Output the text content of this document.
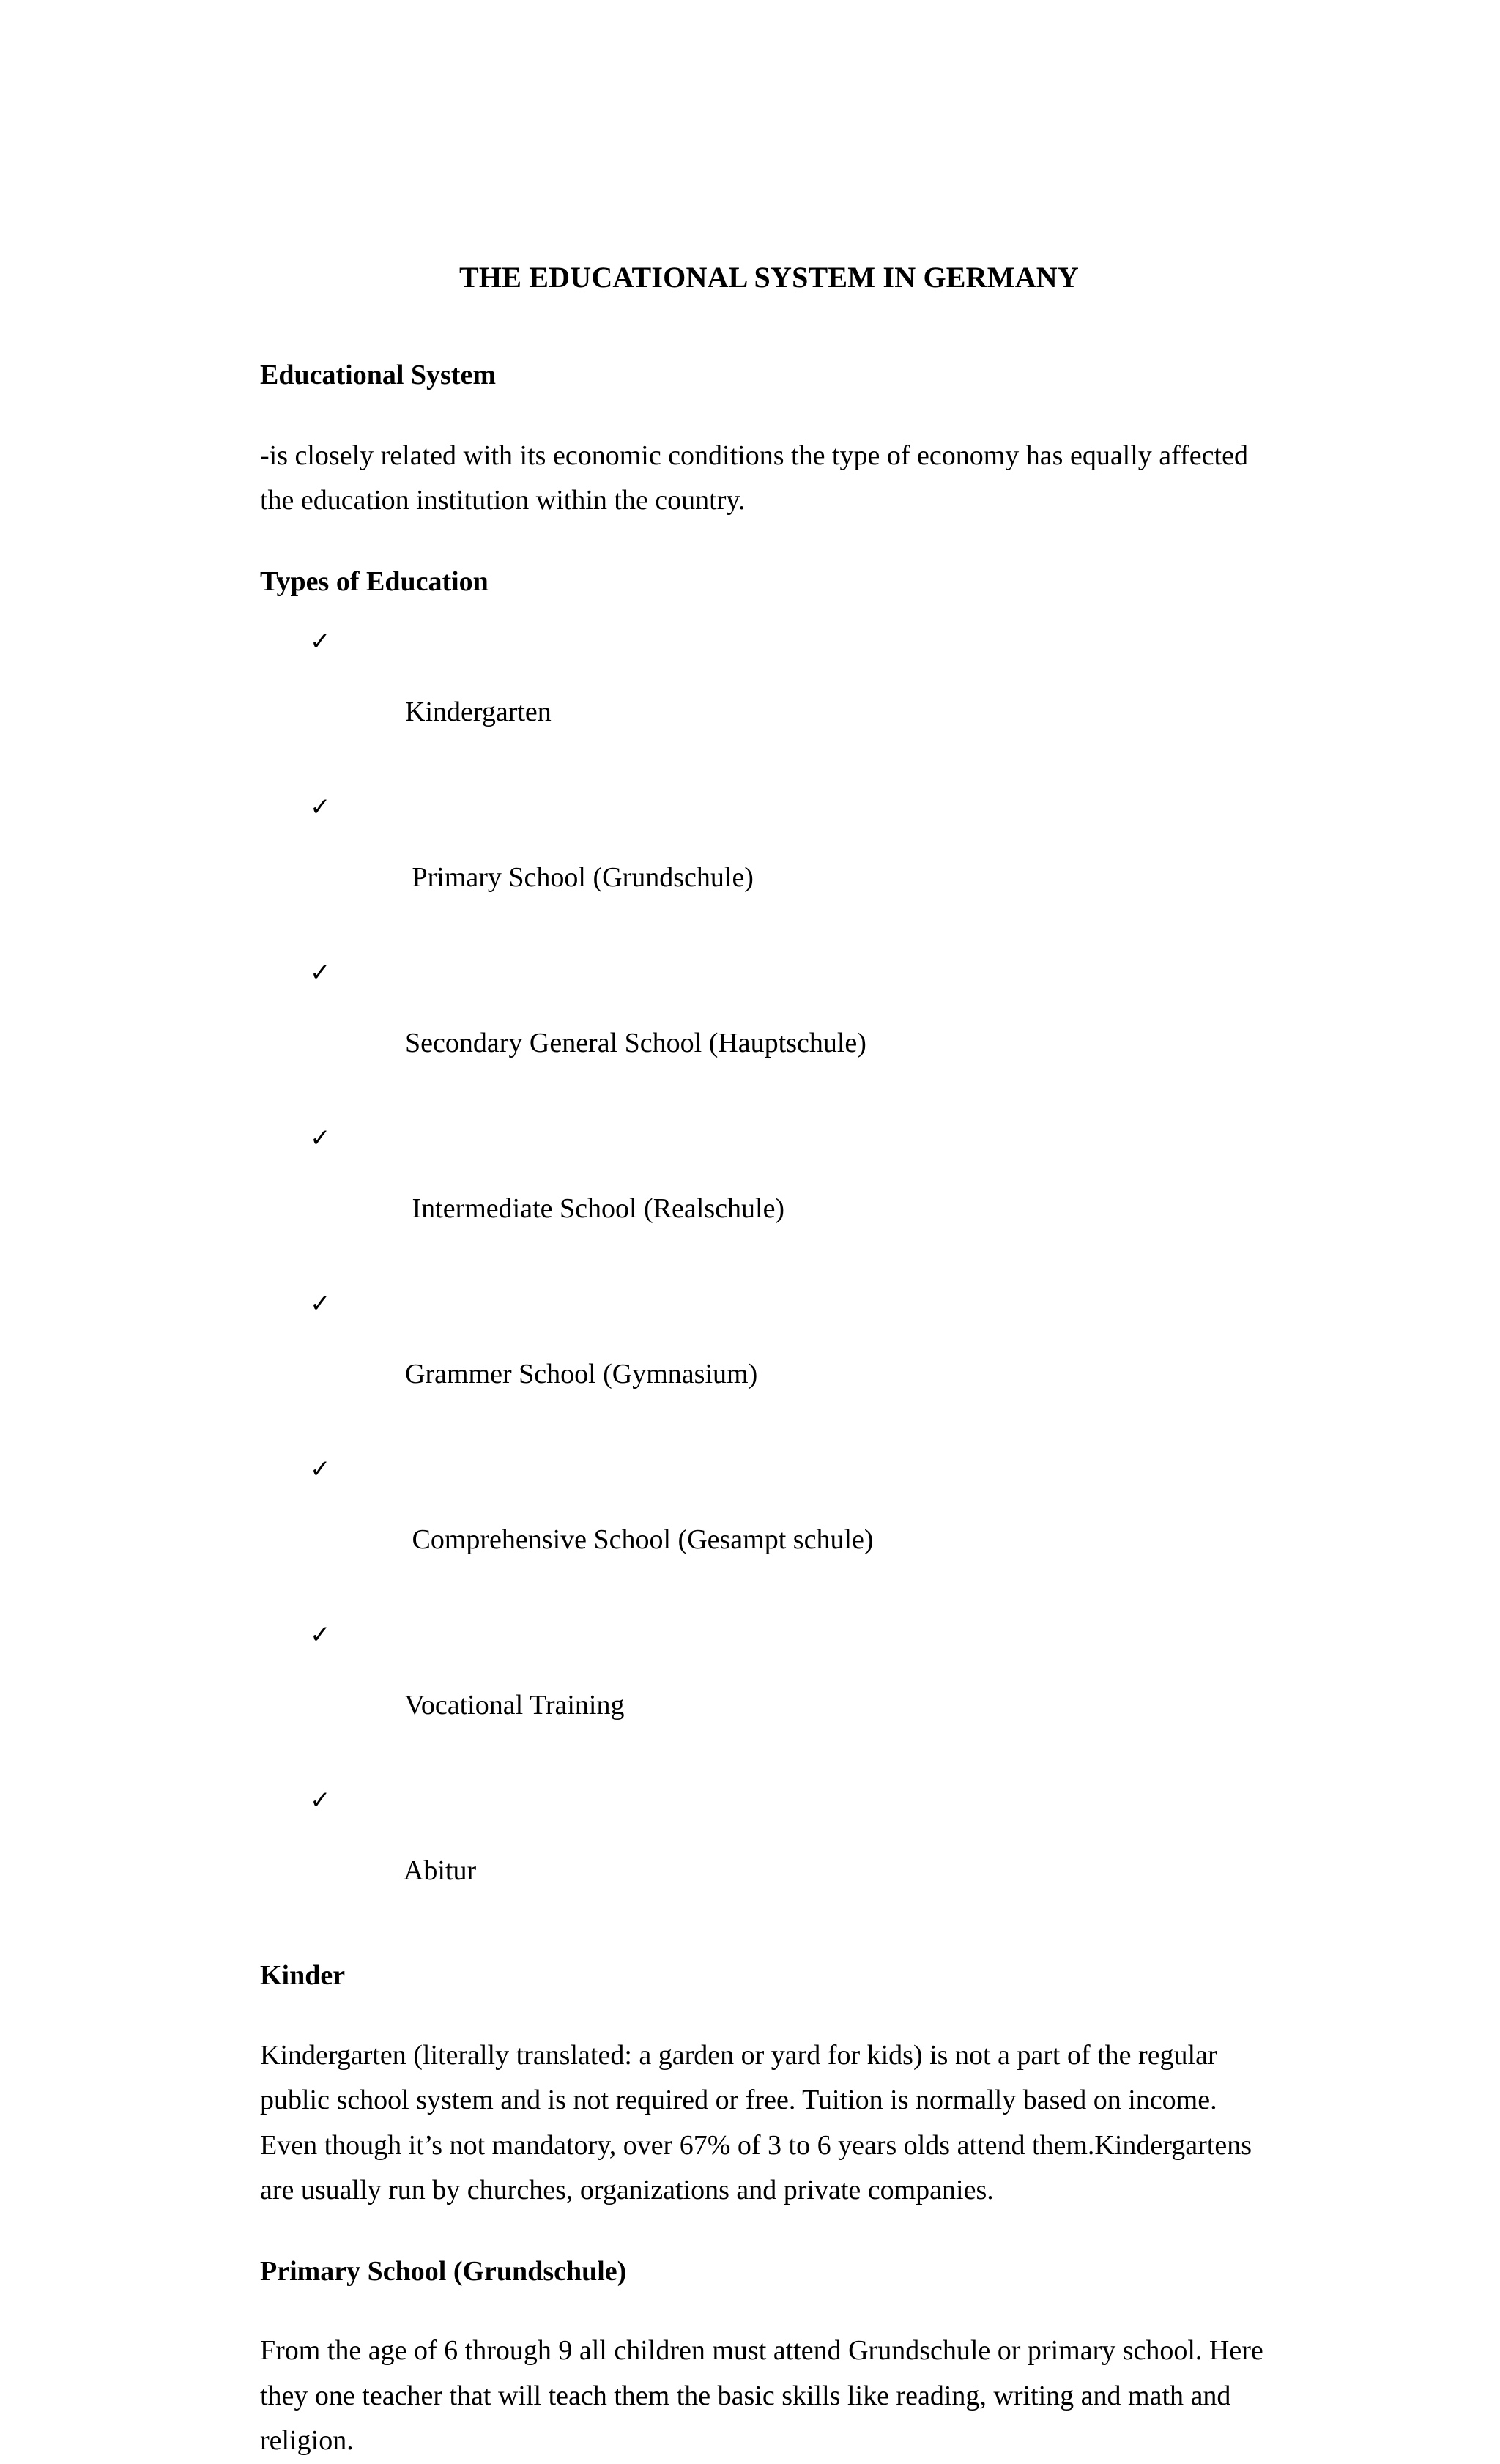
THE EDUCATIONAL SYSTEM IN GERMANY
Educational System

-is closely related with its economic conditions the type of economy has equally affected the education institution within the country.

Types of Education

✓

Kindergarten

✓

Primary School (Grundschule)

✓

Secondary General School (Hauptschule)

✓

Intermediate School (Realschule)

✓

Grammer School (Gymnasium)

✓

Comprehensive School (Gesampt schule)

✓

Vocational Training

✓

Abitur

Kinder

Kindergarten (literally translated: a garden or yard for kids) is not a part of the regular public school system and is not required or free. Tuition is normally based on income. Even though it’s not mandatory, over 67% of 3 to 6 years olds attend them.Kindergartens are usually run by churches, organizations and private companies.

Primary School (Grundschule)

From the age of 6 through 9 all children must attend Grundschule or primary school. Here they one teacher that will teach them the basic skills like reading, writing and math and religion.
